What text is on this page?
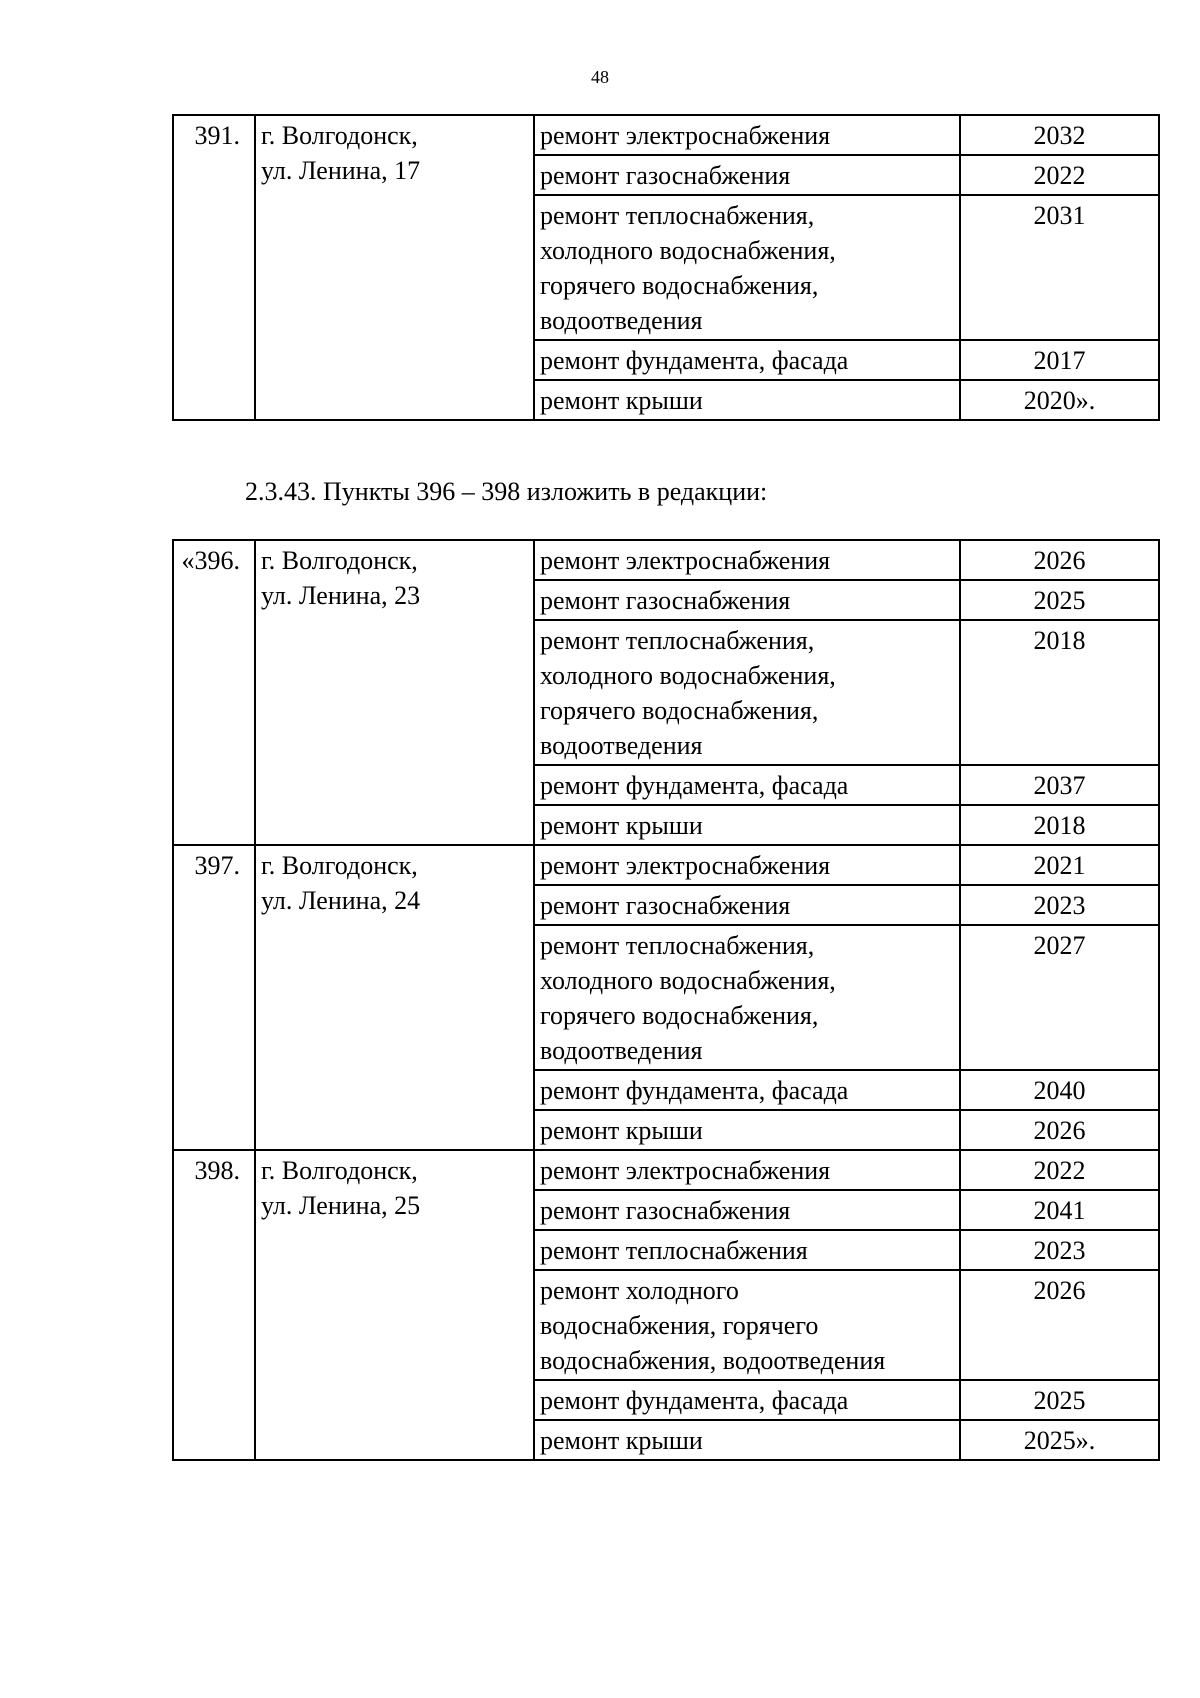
48
391.	г. Волгодонск,
ул. Ленина, 17	ремонт электроснабжения	2032

		ремонт газоснабжения	2022

		ремонт теплоснабжения,
холодного водоснабжения,
горячего водоснабжения,
водоотведения	2031

		ремонт фундамента, фасада	2017

		ремонт крыши	2020».
2.3.43. Пункты 396 – 398 изложить в редакции:
«396.	г. Волгодонск,
ул. Ленина, 23	ремонт электроснабжения	2026

		ремонт газоснабжения	2025

		ремонт теплоснабжения,
холодного водоснабжения,
горячего водоснабжения,
водоотведения	2018

		ремонт фундамента, фасада	2037

		ремонт крыши	2018
397.	г. Волгодонск,
ул. Ленина, 24	ремонт электроснабжения	2021

		ремонт газоснабжения	2023

		ремонт теплоснабжения,
холодного водоснабжения,
горячего водоснабжения,
водоотведения	2027

		ремонт фундамента, фасада	2040

		ремонт крыши	2026
398.	г. Волгодонск,
ул. Ленина, 25	ремонт электроснабжения	2022

		ремонт газоснабжения	2041

		ремонт теплоснабжения	2023

		ремонт холодного
водоснабжения, горячего
водоснабжения, водоотведения	2026

		ремонт фундамента, фасада	2025

		ремонт крыши	2025».
